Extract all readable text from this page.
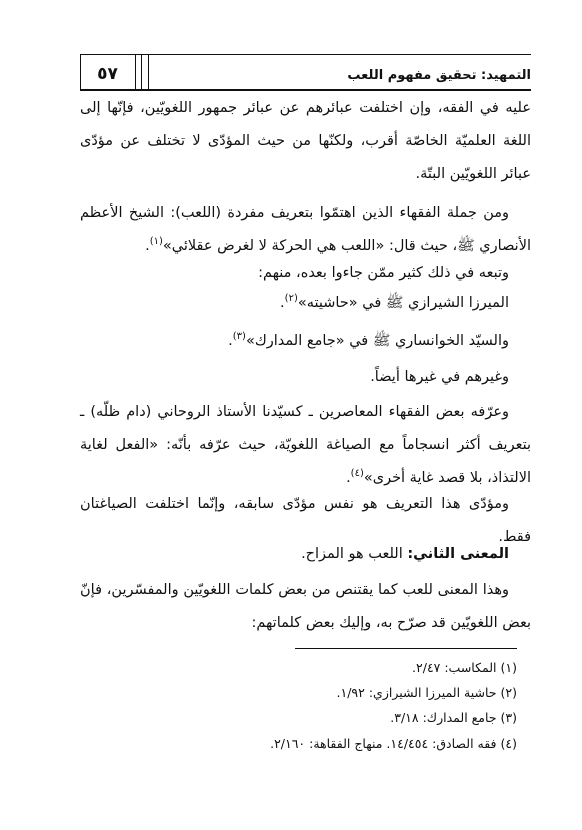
٥٧	التمهيد: تحقيق مفهوم اللعب
عليه في الفقه، وإن اختلفت عبائرهم عن عبائر جمهور اللغويّين، فإنّها إلى اللغة العلميّة الخاصّة أقرب، ولكنّها من حيث المؤدّى لا تختلف عن مؤدّى عبائر اللغويّين البتّة.
ومن جملة الفقهاء الذين اهتمّوا بتعريف مفردة (اللعب): الشيخ الأعظم الأنصاري ﷺ، حيث قال: «اللعب هي الحركة لا لغرض عقلائي»$^{(١)}$.
وتبعه في ذلك كثير ممّن جاءوا بعده، منهم:
الميرزا الشيرازي ﷺ في «حاشيته»$^{(٢)}$.
والسيّد الخوانساري ﷺ في «جامع المدارك»$^{(٣)}$.
وغيرهم في غيرها أيضاً.
وعرّفه بعض الفقهاء المعاصرين ـ كسيّدنا الأستاذ الروحاني (دام ظلّه) ـ بتعريف أكثر انسجاماً مع الصياغة اللغويّة، حيث عرّفه بأنّه: «الفعل لغاية الالتذاذ، بلا قصد غاية أخرى»$^{(٤)}$.
ومؤدّى هذا التعريف هو نفس مؤدّى سابقه، وإنّما اختلفت الصياغتان فقط.
المعنى الثاني: اللعب هو المزاح.
وهذا المعنى للعب كما يقتنص من بعض كلمات اللغويّين والمفسّرين، فإنّ بعض اللغويّين قد صرّح به، وإليك بعض كلماتهم:
(١) المكاسب: ٢/٤٧.
(٢) حاشية الميرزا الشيرازي: ١/٩٢.
(٣) جامع المدارك: ٣/١٨.
(٤) فقه الصادق: ١٤/٤٥٤. منهاج الفقاهة: ٢/١٦٠.
